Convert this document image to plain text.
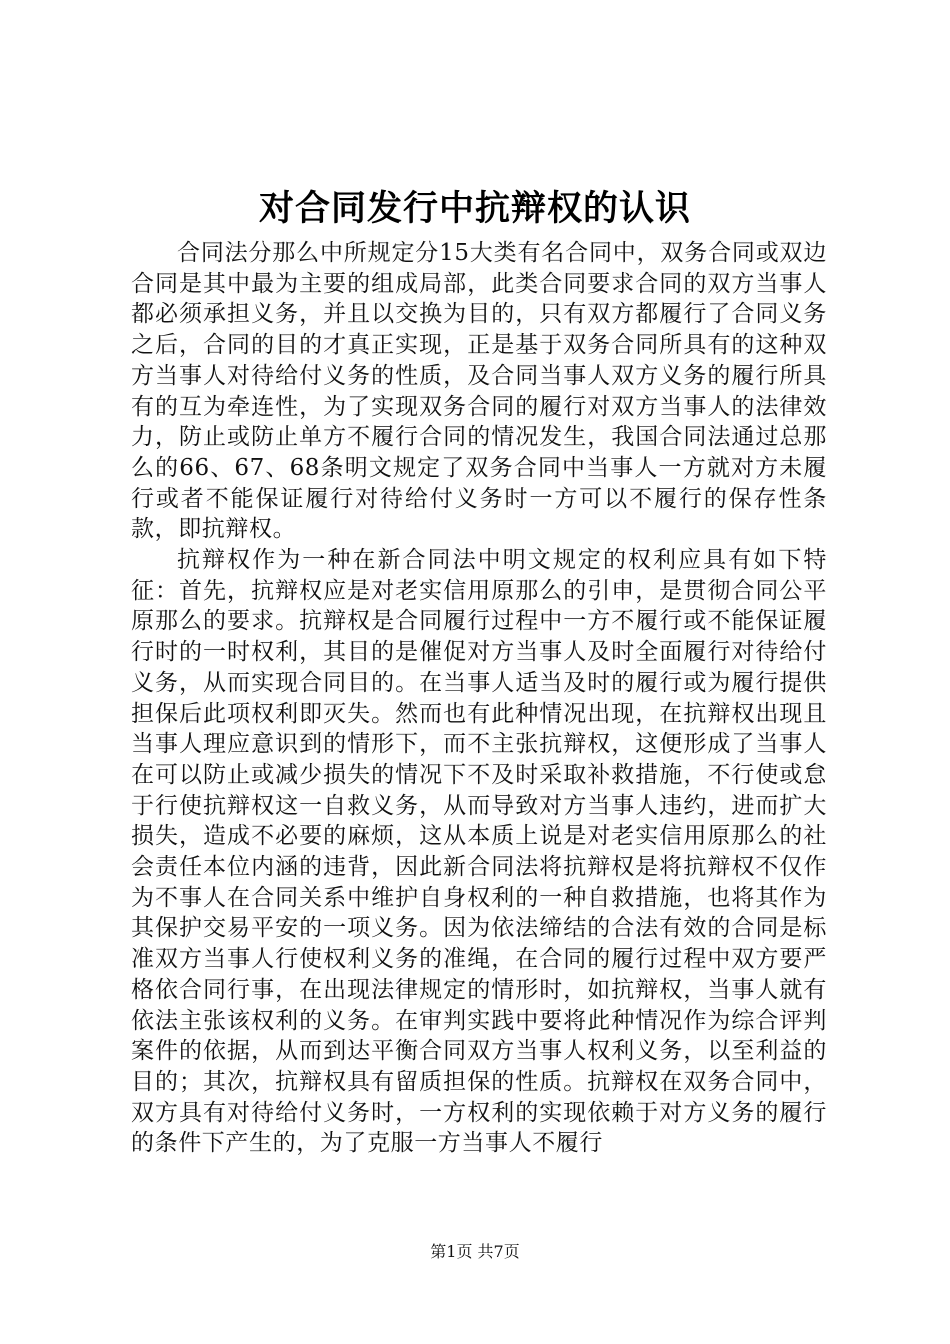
对合同发行中抗辩权的认识

合同法分那么中所规定分15大类有名合同中，双务合同或双边合同是其中最为主要的组成局部，此类合同要求合同的双方当事人都必须承担义务，并且以交换为目的，只有双方都履行了合同义务之后，合同的目的才真正实现，正是基于双务合同所具有的这种双方当事人对待给付义务的性质，及合同当事人双方义务的履行所具有的互为牵连性，为了实现双务合同的履行对双方当事人的法律效力，防止或防止单方不履行合同的情况发生，我国合同法通过总那么的66、67、68条明文规定了双务合同中当事人一方就对方未履行或者不能保证履行对待给付义务时一方可以不履行的保存性条款，即抗辩权。

抗辩权作为一种在新合同法中明文规定的权利应具有如下特征：首先，抗辩权应是对老实信用原那么的引申，是贯彻合同公平原那么的要求。抗辩权是合同履行过程中一方不履行或不能保证履行时的一时权利，其目的是催促对方当事人及时全面履行对待给付义务，从而实现合同目的。在当事人适当及时的履行或为履行提供担保后此项权利即灭失。然而也有此种情况出现，在抗辩权出现且当事人理应意识到的情形下，而不主张抗辩权，这便形成了当事人在可以防止或减少损失的情况下不及时采取补救措施，不行使或怠于行使抗辩权这一自救义务，从而导致对方当事人违约，进而扩大损失，造成不必要的麻烦，这从本质上说是对老实信用原那么的社会责任本位内涵的违背，因此新合同法将抗辩权是将抗辩权不仅作为不事人在合同关系中维护自身权利的一种自救措施，也将其作为其保护交易平安的一项义务。因为依法缔结的合法有效的合同是标准双方当事人行使权利义务的准绳，在合同的履行过程中双方要严格依合同行事，在出现法律规定的情形时，如抗辩权，当事人就有依法主张该权利的义务。在审判实践中要将此种情况作为综合评判案件的依据，从而到达平衡合同双方当事人权利义务，以至利益的目的；其次，抗辩权具有留质担保的性质。抗辩权在双务合同中，双方具有对待给付义务时，一方权利的实现依赖于对方义务的履行的条件下产生的，为了克服一方当事人不履行

第1页 共7页
